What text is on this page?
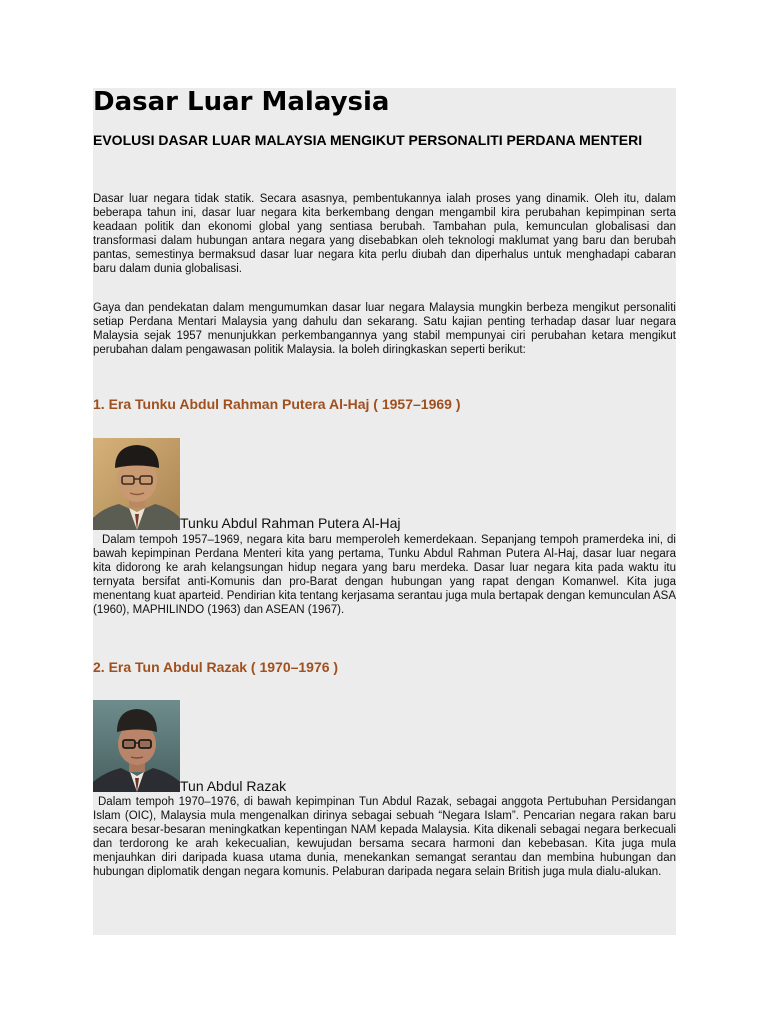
Dasar Luar Malaysia
EVOLUSI DASAR LUAR MALAYSIA MENGIKUT PERSONALITI PERDANA MENTERI

Dasar luar negara tidak statik. Secara asasnya, pembentukannya ialah proses yang dinamik. Oleh itu, dalam beberapa tahun ini, dasar luar negara kita berkembang dengan mengambil kira perubahan kepimpinan serta keadaan politik dan ekonomi global yang sentiasa berubah. Tambahan pula, kemunculan globalisasi dan transformasi dalam hubungan antara negara yang disebabkan oleh teknologi maklumat yang baru dan berubah pantas, semestinya bermaksud dasar luar negara kita perlu diubah dan diperhalus untuk menghadapi cabaran baru dalam dunia globalisasi.

Gaya dan pendekatan dalam mengumumkan dasar luar negara Malaysia mungkin berbeza mengikut personaliti setiap Perdana Mentari Malaysia yang dahulu dan sekarang. Satu kajian penting terhadap dasar luar negara Malaysia sejak 1957 menunjukkan perkembangannya yang stabil mempunyai ciri perubahan ketara mengikut perubahan dalam pengawasan politik Malaysia. Ia boleh diringkaskan seperti berikut:

1. Era Tunku Abdul Rahman Putera Al-Haj ( 1957–1969 )

Tunku Abdul Rahman Putera Al-Haj

Dalam tempoh 1957–1969, negara kita baru memperoleh kemerdekaan. Sepanjang tempoh pramerdeka ini, di bawah kepimpinan Perdana Menteri kita yang pertama, Tunku Abdul Rahman Putera Al-Haj, dasar luar negara kita didorong ke arah kelangsungan hidup negara yang baru merdeka. Dasar luar negara kita pada waktu itu ternyata bersifat anti-Komunis dan pro-Barat dengan hubungan yang rapat dengan Komanwel. Kita juga menentang kuat aparteid. Pendirian kita tentang kerjasama serantau juga mula bertapak dengan kemunculan ASA (1960), MAPHILINDO (1963) dan ASEAN (1967).

2. Era Tun Abdul Razak ( 1970–1976 )

Tun Abdul Razak

Dalam tempoh 1970–1976, di bawah kepimpinan Tun Abdul Razak, sebagai anggota Pertubuhan Persidangan Islam (OIC), Malaysia mula mengenalkan dirinya sebagai sebuah “Negara Islam”. Pencarian negara rakan baru secara besar-besaran meningkatkan kepentingan NAM kepada Malaysia. Kita dikenali sebagai negara berkecuali dan terdorong ke arah kekecualian, kewujudan bersama secara harmoni dan kebebasan. Kita juga mula menjauhkan diri daripada kuasa utama dunia, menekankan semangat serantau dan membina hubungan dan hubungan diplomatik dengan negara komunis. Pelaburan daripada negara selain British juga mula dialu-alukan.
